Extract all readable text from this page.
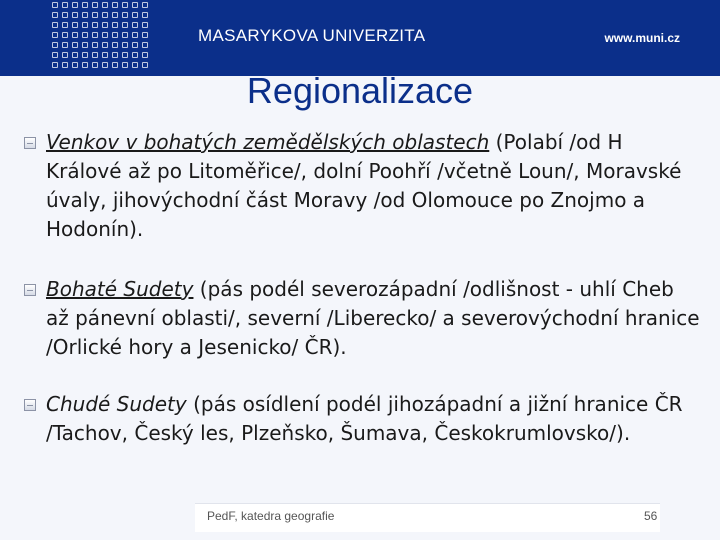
MASARYKOVA UNIVERZITA	www.muni.cz
Regionalizace
Venkov v bohatých zemědělských oblastech (Polabí /od H Králové až po Litoměřice/, dolní Poohří /včetně Loun/, Moravské úvaly, jihovýchodní část Moravy /od Olomouce po Znojmo a Hodonín).
Bohaté Sudety (pás podél severozápadní /odlišnost - uhlí Cheb až pánevní oblasti/, severní /Liberecko/ a severovýchodní hranice /Orlické hory a Jesenicko/ ČR).
Chudé Sudety (pás osídlení podél jihozápadní a jižní hranice ČR /Tachov, Český les, Plzeňsko, Šumava, Českokrumlovsko/).
PedF, katedra geografie	56
